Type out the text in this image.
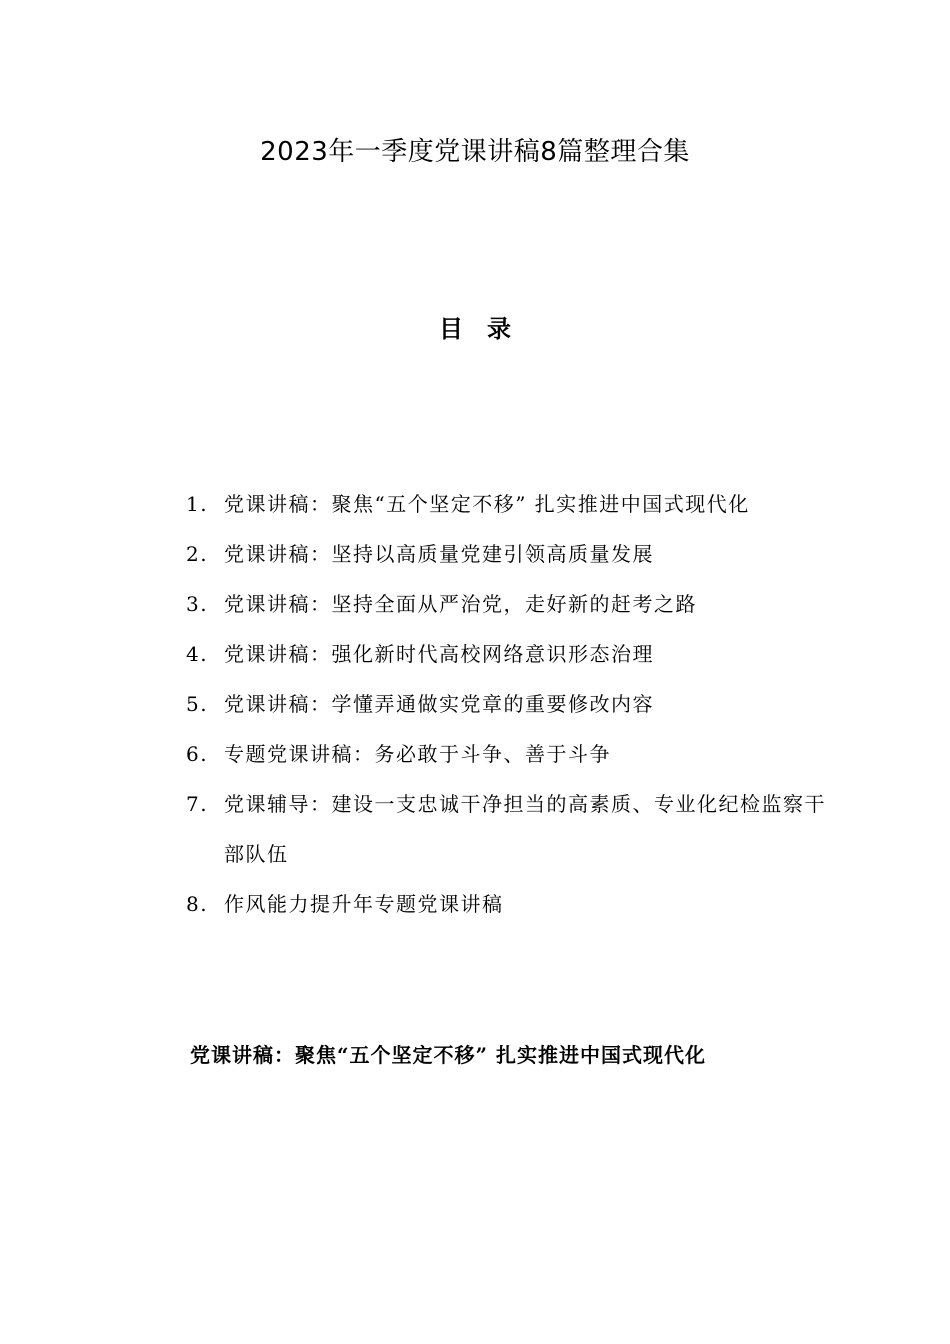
2023年一季度党课讲稿8篇整理合集
目录
1. 党课讲稿：聚焦“五个坚定不移” 扎实推进中国式现代化
2. 党课讲稿：坚持以高质量党建引领高质量发展
3. 党课讲稿：坚持全面从严治党，走好新的赶考之路
4. 党课讲稿：强化新时代高校网络意识形态治理
5. 党课讲稿：学懂弄通做实党章的重要修改内容
6. 专题党课讲稿：务必敢于斗争、善于斗争
7. 党课辅导：建设一支忠诚干净担当的高素质、专业化纪检监察干部队伍
8. 作风能力提升年专题党课讲稿
党课讲稿：聚焦“五个坚定不移” 扎实推进中国式现代化
